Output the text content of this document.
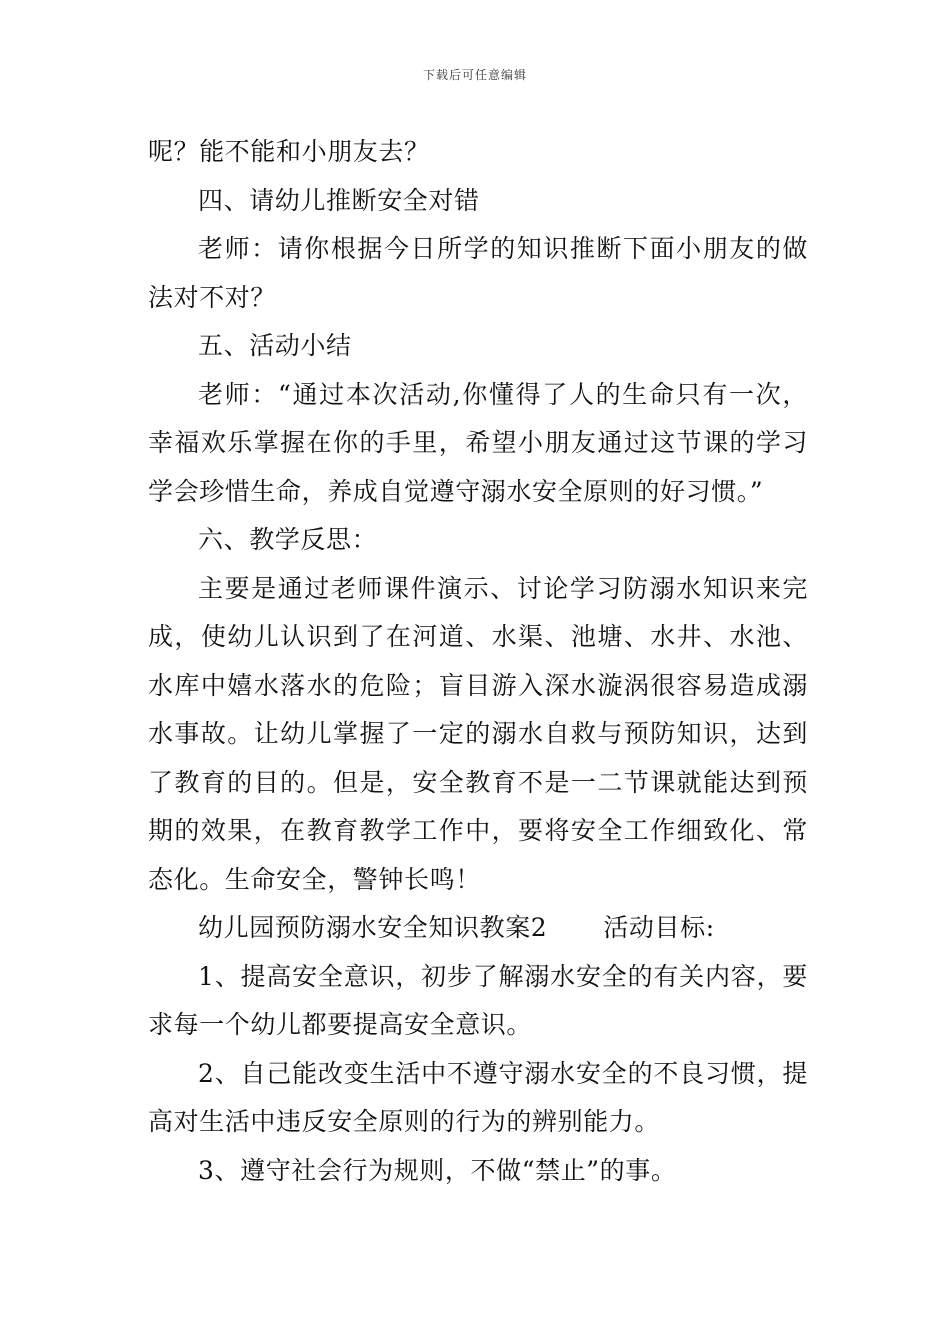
下载后可任意编辑

呢？能不能和小朋友去？

四、请幼儿推断安全对错

老师：请你根据今日所学的知识推断下面小朋友的做法对不对？

五、活动小结

老师：“通过本次活动,你懂得了人的生命只有一次，幸福欢乐掌握在你的手里，希望小朋友通过这节课的学习学会珍惜生命，养成自觉遵守溺水安全原则的好习惯。”

六、教学反思：

主要是通过老师课件演示、讨论学习防溺水知识来完成，使幼儿认识到了在河道、水渠、池塘、水井、水池、水库中嬉水落水的危险；盲目游入深水漩涡很容易造成溺水事故。让幼儿掌握了一定的溺水自救与预防知识，达到了教育的目的。但是，安全教育不是一二节课就能达到预期的效果，在教育教学工作中，要将安全工作细致化、常态化。生命安全，警钟长鸣！

幼儿园预防溺水安全知识教案2 活动目标:

1、提高安全意识，初步了解溺水安全的有关内容，要求每一个幼儿都要提高安全意识。

2、自己能改变生活中不遵守溺水安全的不良习惯，提高对生活中违反安全原则的行为的辨别能力。

3、遵守社会行为规则，不做“禁止”的事。
